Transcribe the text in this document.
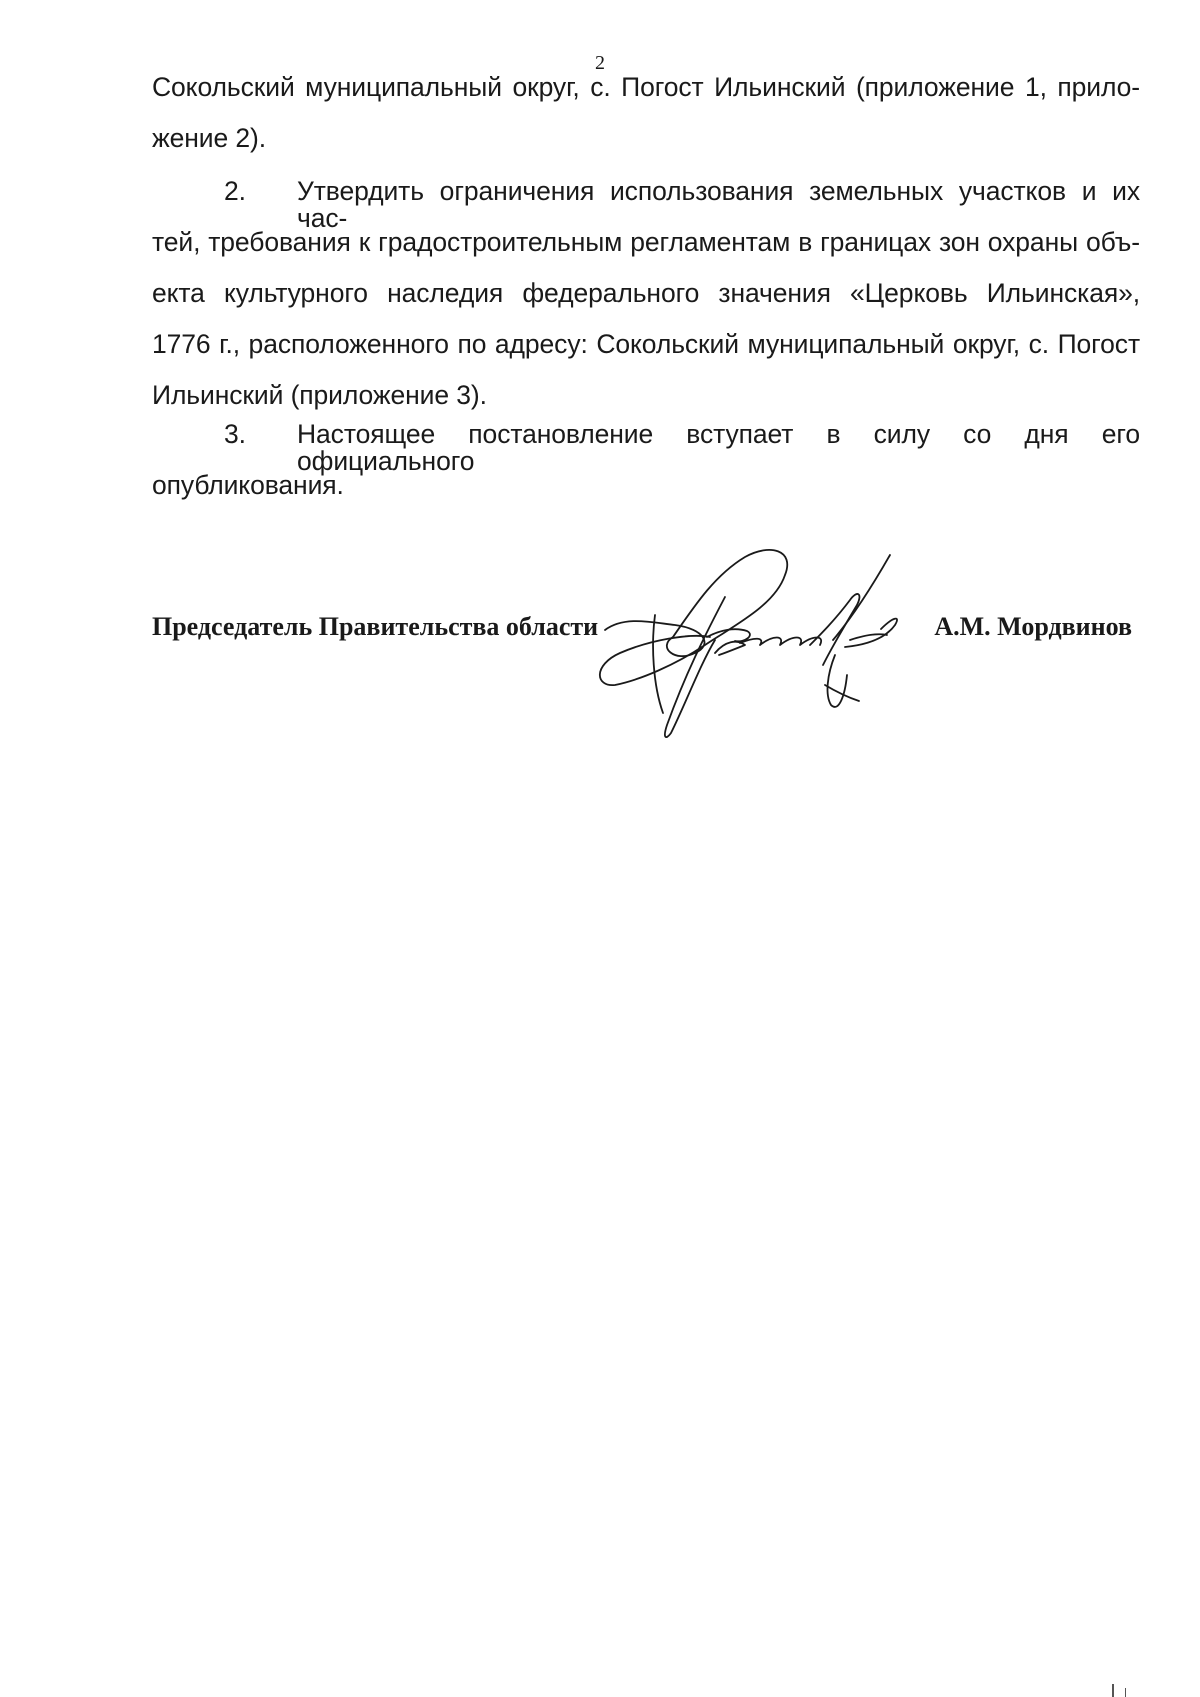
2
Сокольский муниципальный округ, с. Погост Ильинский (приложение 1, прило-
жение 2).
2. Утвердить ограничения использования земельных участков и их час-
тей, требования к градостроительным регламентам в границах зон охраны объ-
екта культурного наследия федерального значения «Церковь Ильинская»,
1776 г., расположенного по адресу: Сокольский муниципальный округ, с. Погост
Ильинский (приложение 3).
3. Настоящее постановление вступает в силу со дня его официального
опубликования.
Председатель Правительства области	А.М. Мордвинов
